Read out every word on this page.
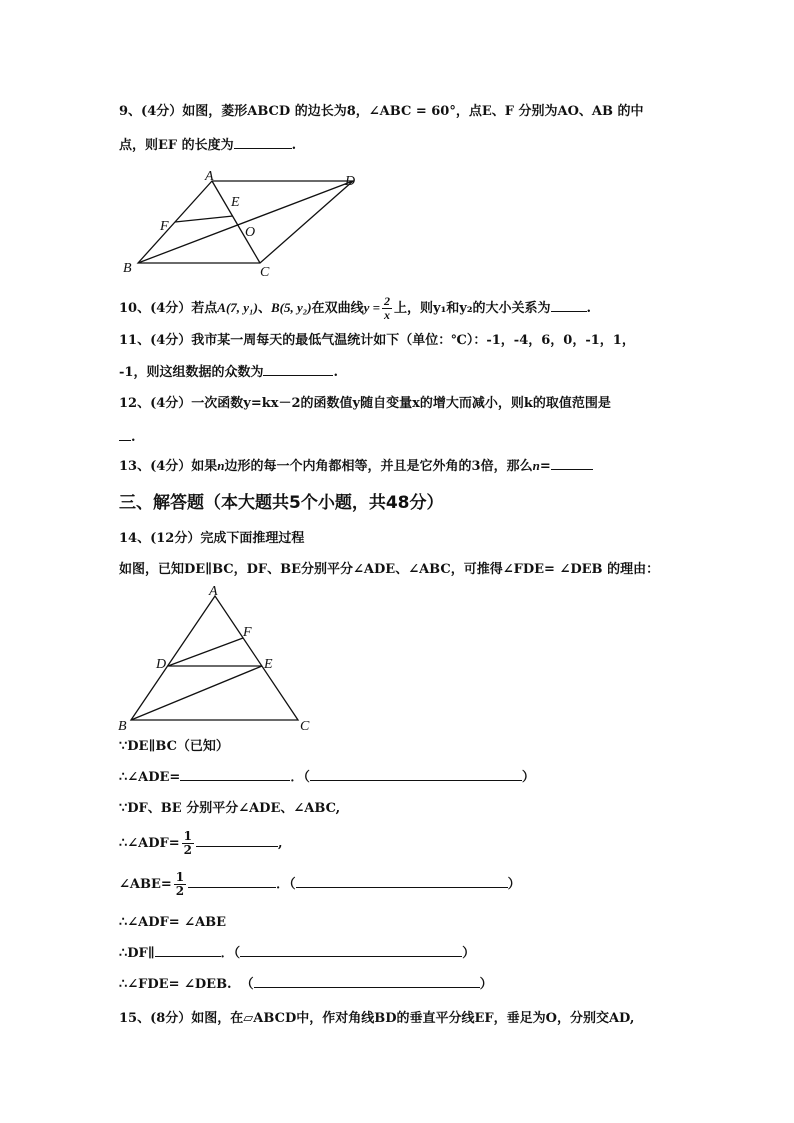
9、(4分）如图，菱形ABCD 的边长为8，∠ABC = 60°，点E、F 分别为AO、AB 的中
点，则EF 的长度为	.
A	D
E
F	O
B	C
10、(4分）若点A(7, y₁)、B(5, y₂)在双曲线$y = \frac{2}{x}$ 上，则y₁和y₂的大小关系为	.
11、(4分）我市某一周每天的最低气温统计如下（单位：℃）：-1，-4，6，0，-1，1，
-1，则这组数据的众数为	.
12、(4分）一次函数y=kx－2的函数值y随自变量x的增大而减小，则k的取值范围是
.
13、(4分）如果n边形的每一个内角都相等，并且是它外角的3倍，那么n=
三、解答题（本大题共5个小题，共48分）
14、(12分）完成下面推理过程
如图，已知DE∥BC，DF、BE分别平分∠ADE、∠ABC，可推得∠FDE= ∠DEB 的理由：
A
F
D	E
B	C
∵DE∥BC（已知）
∴∠ADE=	．（	）
∵DF、BE 分别平分∠ADE、∠ABC,
∴∠ADF= $\frac{1}{2}$	,
∠ABE= $\frac{1}{2}$	．（	）
∴∠ADF= ∠ABE
∴DF∥	．（	）
∴∠FDE= ∠DEB.  （	）
15、(8分）如图，在▱ABCD中，作对角线BD的垂直平分线EF，垂足为O，分别交AD,
